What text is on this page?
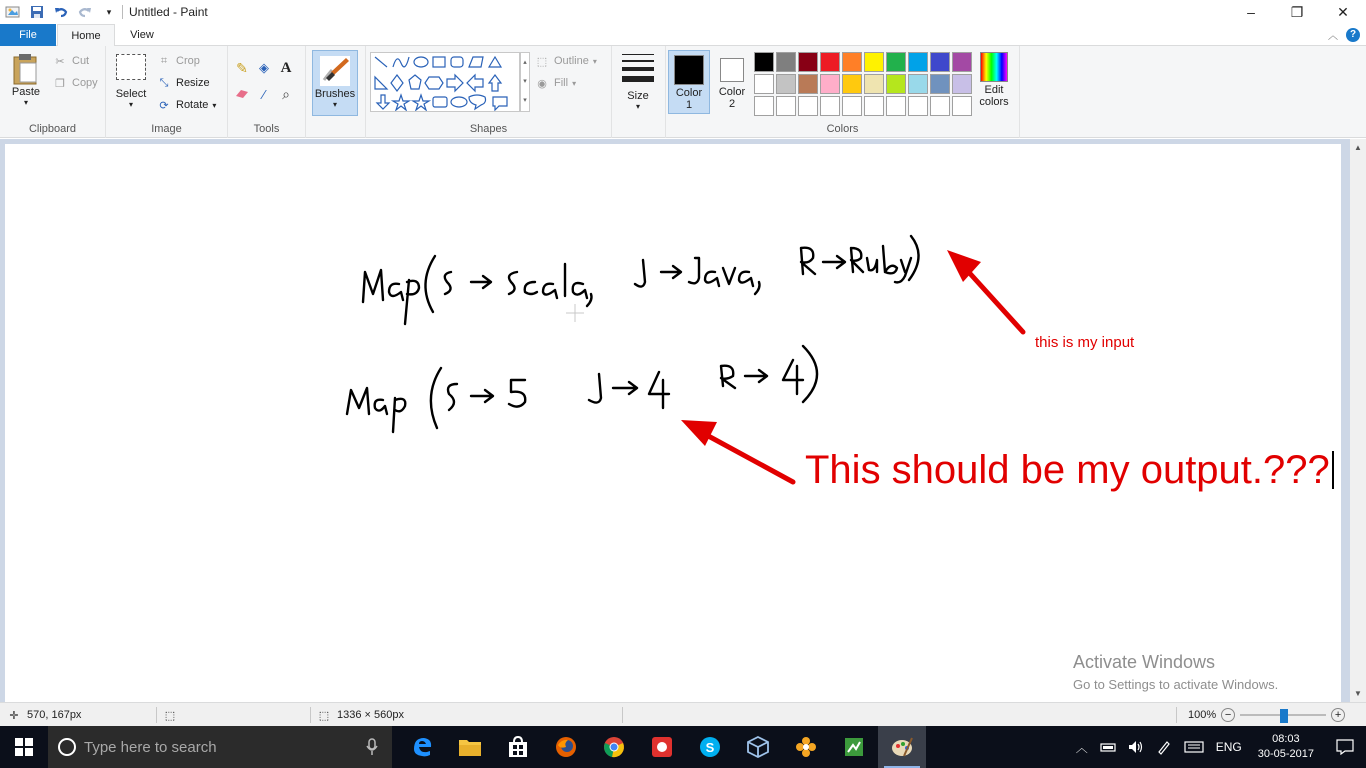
▾	Untitled - Paint	–	❐	✕
File	Home	View	︿	?
Paste
▾
✂ Cut
❐ Copy
Clipboard
Select
▾
⌗ Crop
⤡ Resize
⟳ Rotate ▾
Image
✎ ◈ A
⁄	⌕
Tools
Brushes
▾
▴
▾
▾
⬚ Outline ▾
◉ Fill ▾
Shapes
Size
▾
Color
1
Color
2
Edit
colors
Colors
this is my input
This should be my output.???
Activate Windows
Go to Settings to activate Windows.
▲
▼
✛ 570, 167px	⬚	⬚ 1336 × 560px	100% −	+
Type here to search	S	︿	ENG
08:03
30-05-2017
